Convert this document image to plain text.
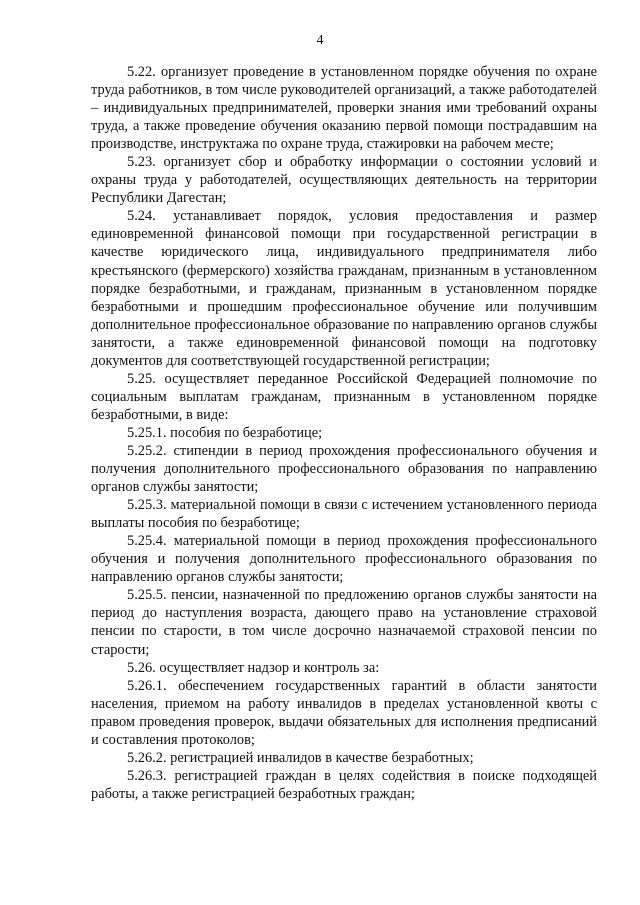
4

5.22. организует проведение в установленном порядке обучения по охране труда работников, в том числе руководителей организаций, а также работодателей – индивидуальных предпринимателей, проверки знания ими требований охраны труда, а также проведение обучения оказанию первой помощи пострадавшим на производстве, инструктажа по охране труда, стажировки на рабочем месте;

5.23. организует сбор и обработку информации о состоянии условий и охраны труда у работодателей, осуществляющих деятельность на территории Республики Дагестан;

5.24. устанавливает порядок, условия предоставления и размер единовременной финансовой помощи при государственной регистрации в качестве юридического лица, индивидуального предпринимателя либо крестьянского (фермерского) хозяйства гражданам, признанным в установленном порядке безработными, и гражданам, признанным в установленном порядке безработными и прошедшим профессиональное обучение или получившим дополнительное профессиональное образование по направлению органов службы занятости, а также единовременной финансовой помощи на подготовку документов для соответствующей государственной регистрации;

5.25. осуществляет переданное Российской Федерацией полномочие по социальным выплатам гражданам, признанным в установленном порядке безработными, в виде:

5.25.1. пособия по безработице;

5.25.2. стипендии в период прохождения профессионального обучения и получения дополнительного профессионального образования по направлению органов службы занятости;

5.25.3. материальной помощи в связи с истечением установленного периода выплаты пособия по безработице;

5.25.4. материальной помощи в период прохождения профессионального обучения и получения дополнительного профессионального образования по направлению органов службы занятости;

5.25.5. пенсии, назначенной по предложению органов службы занятости на период до наступления возраста, дающего право на установление страховой пенсии по старости, в том числе досрочно назначаемой страховой пенсии по старости;

5.26. осуществляет надзор и контроль за:

5.26.1. обеспечением государственных гарантий в области занятости населения, приемом на работу инвалидов в пределах установленной квоты с правом проведения проверок, выдачи обязательных для исполнения предписаний и составления протоколов;

5.26.2. регистрацией инвалидов в качестве безработных;

5.26.3. регистрацией граждан в целях содействия в поиске подходящей работы, а также регистрацией безработных граждан;
